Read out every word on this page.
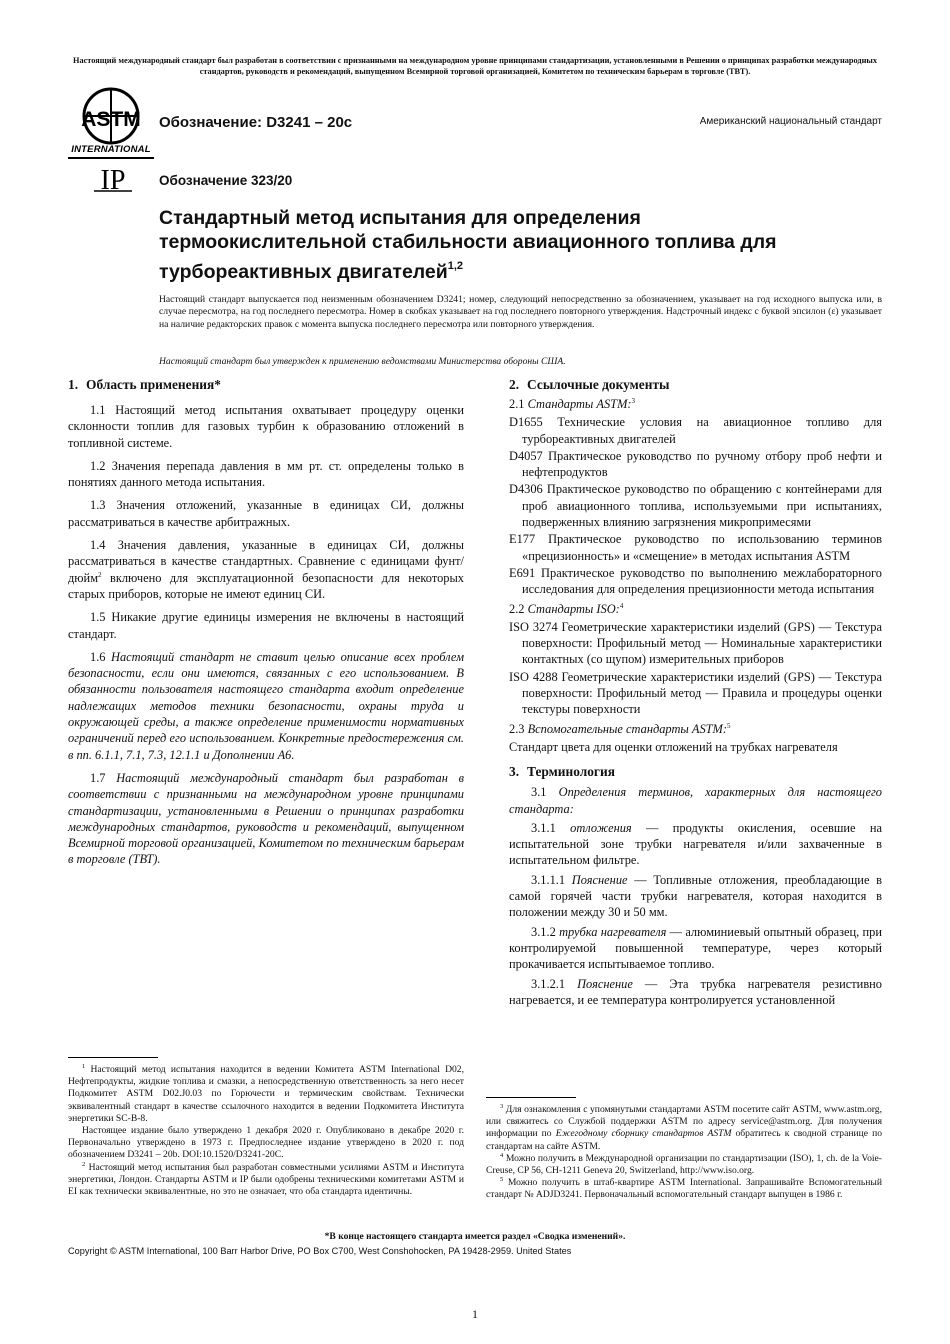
Настоящий международный стандарт был разработан в соответствии с признанными на международном уровне принципами стандартизации, установленными в Решении о принципах разработки международных стандартов, руководств и рекомендаций, выпущенном Всемирной торговой организацией, Комитетом по техническим барьерам в торговле (ТВТ).
ASTM
INTERNATIONAL
Обозначение: D3241 – 20c	Американский национальный стандарт
IP Обозначение 323/20
Стандартный метод испытания для определения термоокислительной стабильности авиационного топлива для турбореактивных двигателей$^{1,2}$
Настоящий стандарт выпускается под неизменным обозначением D3241; номер, следующий непосредственно за обозначением, указывает на год исходного выпуска или, в случае пересмотра, на год последнего пересмотра. Номер в скобках указывает на год последнего повторного утверждения. Надстрочный индекс с буквой эпсилон (ε) указывает на наличие редакторских правок с момента выпуска последнего пересмотра или повторного утверждения.
Настоящий стандарт был утвержден к применению ведомствами Министерства обороны США.
1. Область применения*

1.1 Настоящий метод испытания охватывает процедуру оценки склонности топлив для газовых турбин к образованию отложений в топливной системе.

1.2 Значения перепада давления в мм рт. ст. определены только в понятиях данного метода испытания.

1.3 Значения отложений, указанные в единицах СИ, должны рассматриваться в качестве арбитражных.

1.4 Значения давления, указанные в единицах СИ, должны рассматриваться в качестве стандартных. Сравнение с единицами фунт/дюйм$^2$ включено для эксплуатационной безопасности для некоторых старых приборов, которые не имеют единиц СИ.

1.5 Никакие другие единицы измерения не включены в настоящий стандарт.

1.6 Настоящий стандарт не ставит целью описание всех проблем безопасности, если они имеются, связанных с его использованием. В обязанности пользователя настоящего стандарта входит определение надлежащих методов техники безопасности, охраны труда и окружающей среды, а также определение применимости нормативных ограничений перед его использованием. Конкретные предостережения см. в пп. 6.1.1, 7.1, 7.3, 12.1.1 и Дополнении А6.

1.7 Настоящий международный стандарт был разработан в соответствии с признанными на международном уровне принципами стандартизации, установленными в Решении о принципах разработки международных стандартов, руководств и рекомендаций, выпущенном Всемирной торговой организацией, Комитетом по техническим барьерам в торговле (ТВТ).

2. Ссылочные документы

2.1 Стандарты ASTM:$^3$

D1655 Технические условия на авиационное топливо для турбореактивных двигателей

D4057 Практическое руководство по ручному отбору проб нефти и нефтепродуктов

D4306 Практическое руководство по обращению с контейнерами для проб авиационного топлива, используемыми при испытаниях, подверженных влиянию загрязнения микропримесями

E177 Практическое руководство по использованию терминов «прецизионность» и «смещение» в методах испытания ASTM

E691 Практическое руководство по выполнению межлабораторного исследования для определения прецизионности метода испытания

2.2 Стандарты ISO:$^4$

ISO 3274 Геометрические характеристики изделий (GPS) — Текстура поверхности: Профильный метод — Номинальные характеристики контактных (со щупом) измерительных приборов

ISO 4288 Геометрические характеристики изделий (GPS) — Текстура поверхности: Профильный метод — Правила и процедуры оценки текстуры поверхности

2.3 Вспомогательные стандарты ASTM:$^5$

Стандарт цвета для оценки отложений на трубках нагревателя

3. Терминология

3.1 Определения терминов, характерных для настоящего стандарта:

3.1.1 отложения — продукты окисления, осевшие на испытательной зоне трубки нагревателя и/или захваченные в испытательном фильтре.

3.1.1.1 Пояснение — Топливные отложения, преобладающие в самой горячей части трубки нагревателя, которая находится в положении между 30 и 50 мм.

3.1.2 трубка нагревателя — алюминиевый опытный образец, при контролируемой повышенной температуре, через который прокачивается испытываемое топливо.

3.1.2.1 Пояснение — Эта трубка нагревателя резистивно нагревается, и ее температура контролируется установленной

$^1$ Настоящий метод испытания находится в ведении Комитета ASTM International D02, Нефтепродукты, жидкие топлива и смазки, а непосредственную ответственность за него несет Подкомитет ASTM D02.J0.03 по Горючести и термическим свойствам. Технически эквивалентный стандарт в качестве ссылочного находится в ведении Подкомитета Института энергетики SC-B-8.

Настоящее издание было утверждено 1 декабря 2020 г. Опубликовано в декабре 2020 г. Первоначально утверждено в 1973 г. Предпоследнее издание утверждено в 2020 г. под обозначением D3241 – 20b. DOI:10.1520/D3241-20C.

$^2$ Настоящий метод испытания был разработан совместными усилиями ASTM и Института энергетики, Лондон. Стандарты ASTM и IP были одобрены техническими комитетами ASTM и EI как технически эквивалентные, но это не означает, что оба стандарта идентичны.

$^3$ Для ознакомления с упомянутыми стандартами ASTM посетите сайт ASTM, www.astm.org, или свяжитесь со Службой поддержки ASTM по адресу service@astm.org. Для получения информации по Ежегодному сборнику стандартов ASTM обратитесь к сводной странице по стандартам на сайте ASTM.

$^4$ Можно получить в Международной организации по стандартизации (ISO), 1, ch. de la Voie-Creuse, CP 56, CH-1211 Geneva 20, Switzerland, http://www.iso.org.

$^5$ Можно получить в штаб-квартире ASTM International. Запрашивайте Вспомогательный стандарт № ADJD3241. Первоначальный вспомогательный стандарт выпущен в 1986 г.

*В конце настоящего стандарта имеется раздел «Сводка изменений».
Copyright © ASTM International, 100 Barr Harbor Drive, PO Box C700, West Conshohocken, PA 19428-2959. United States
1
